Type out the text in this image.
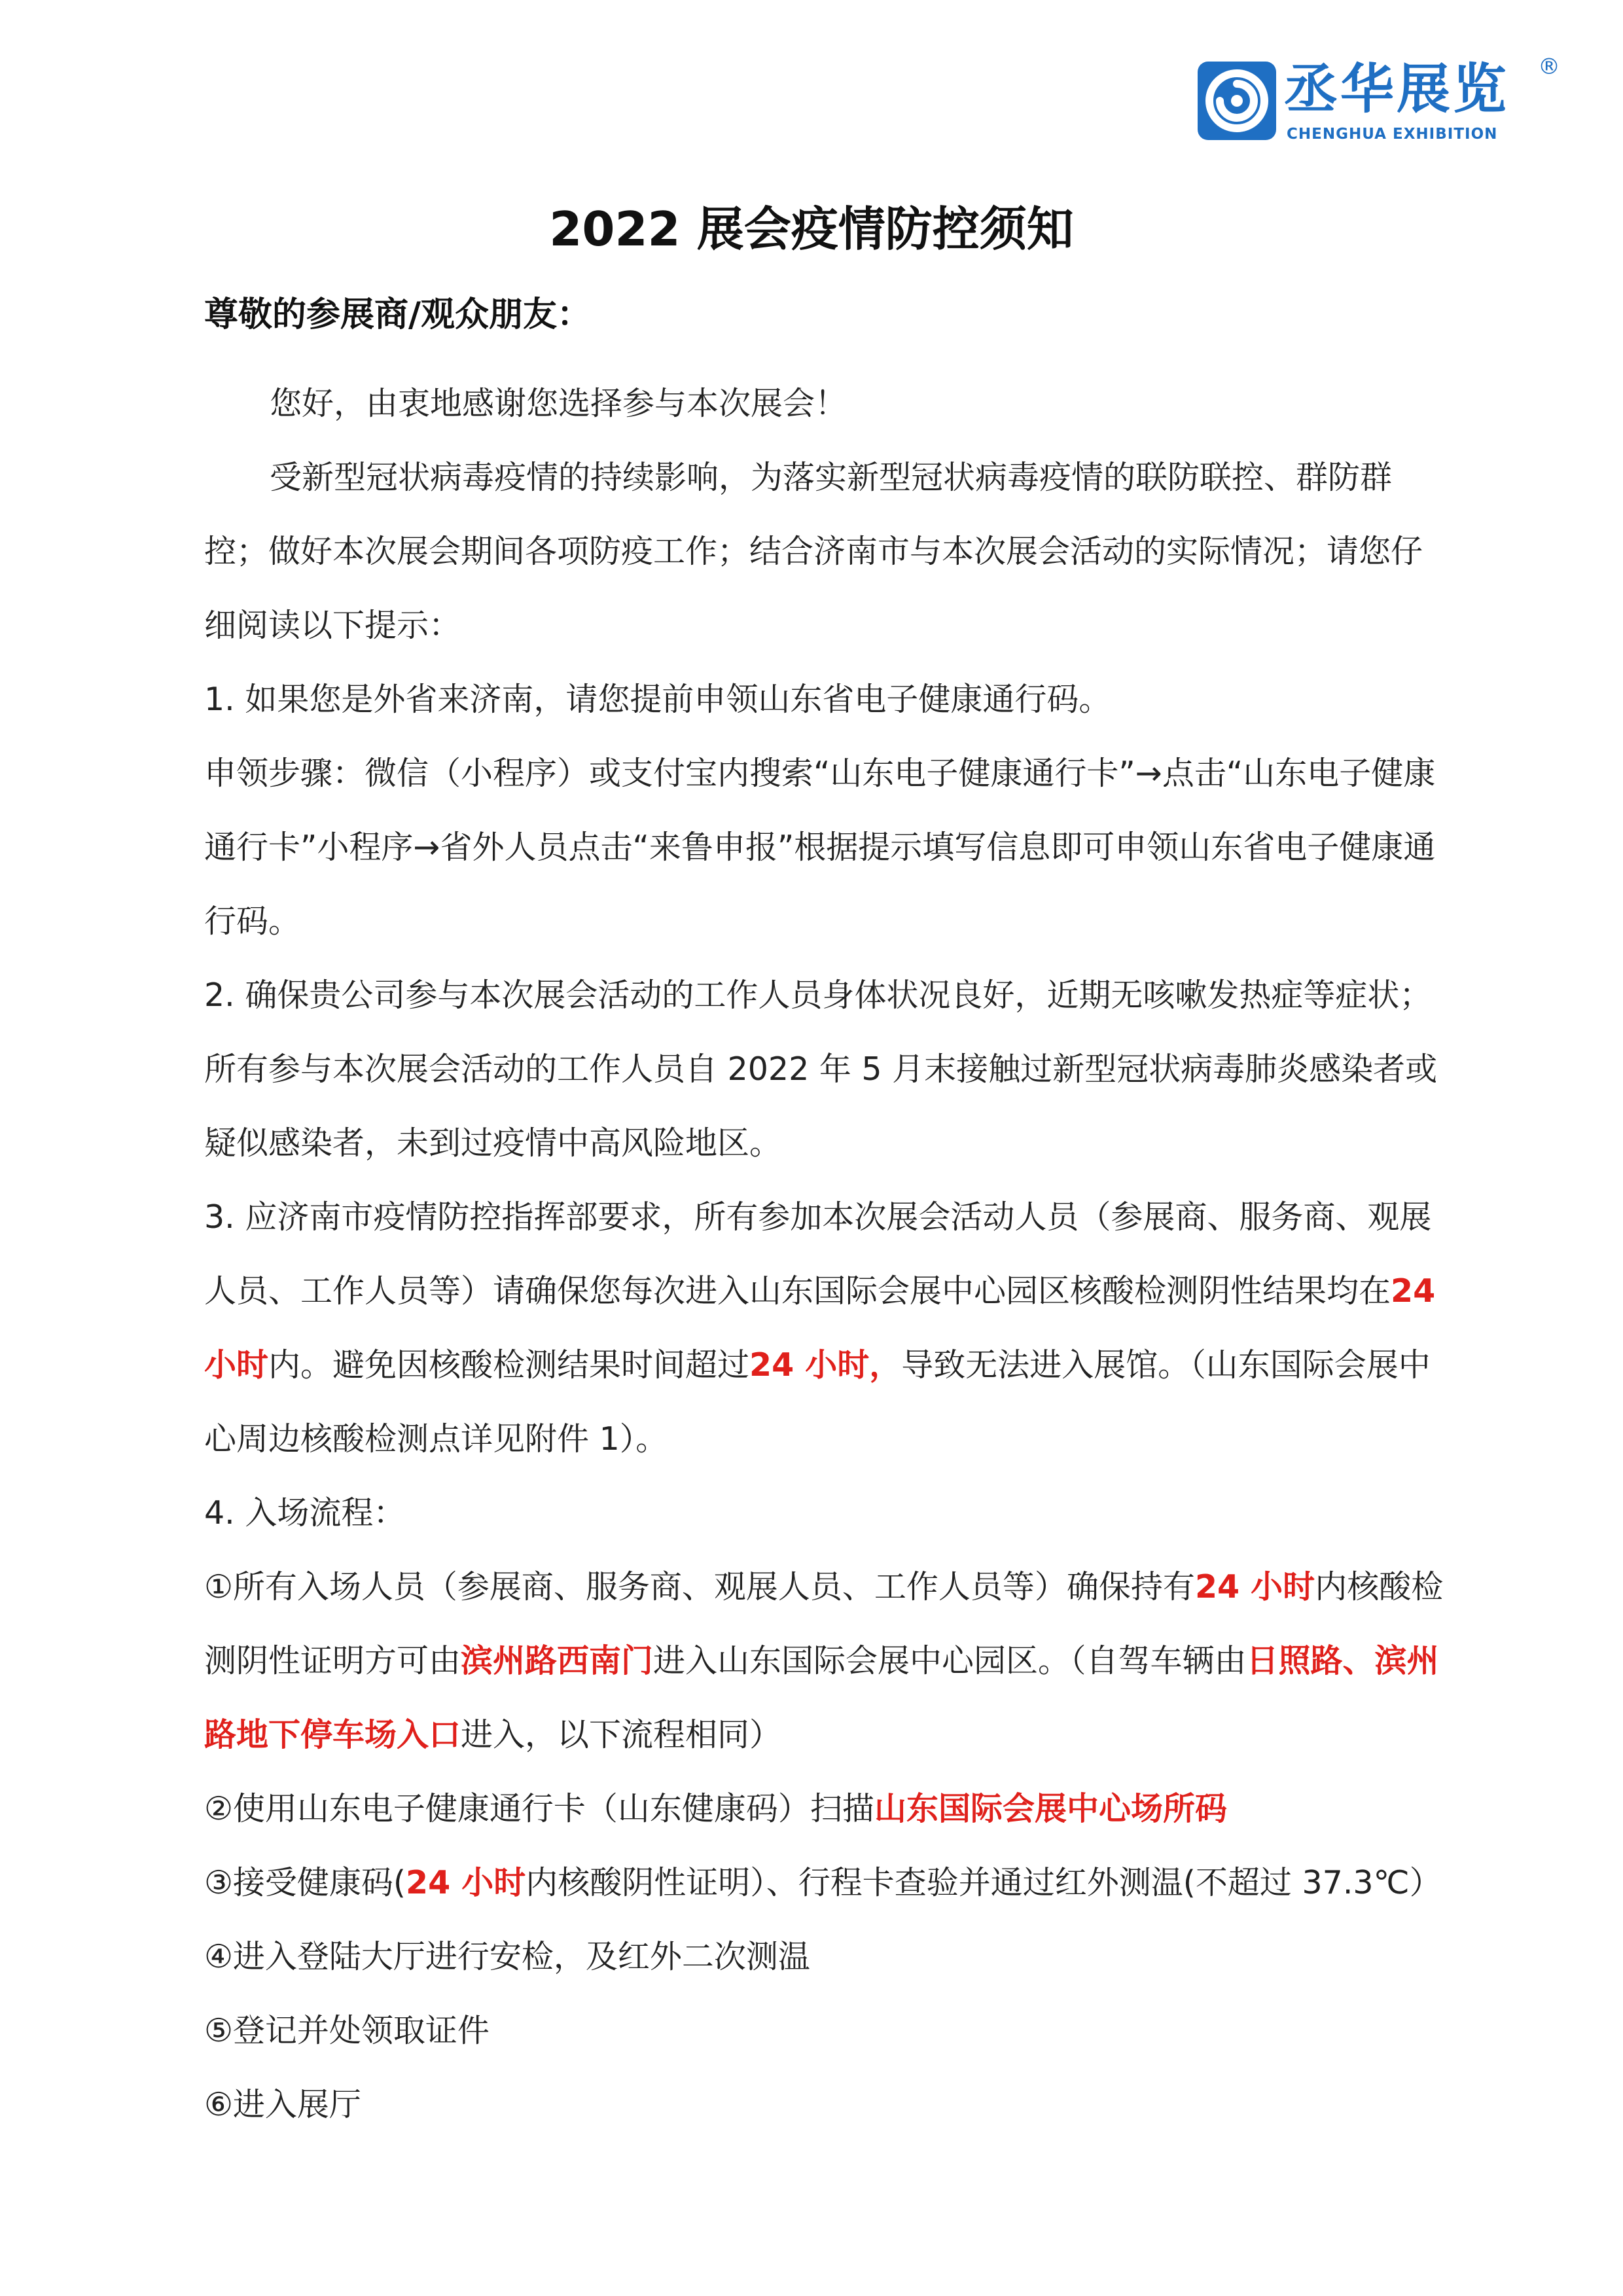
丞华展览 ®
CHENGHUA EXHIBITION
2022 展会疫情防控须知
尊敬的参展商/观众朋友：

您好，由衷地感谢您选择参与本次展会！

受新型冠状病毒疫情的持续影响，为落实新型冠状病毒疫情的联防联控、群防群控；做好本次展会期间各项防疫工作；结合济南市与本次展会活动的实际情况；请您仔细阅读以下提示：

1. 如果您是外省来济南，请您提前申领山东省电子健康通行码。

申领步骤：微信（小程序）或支付宝内搜索“山东电子健康通行卡”→点击“山东电子健康通行卡”小程序→省外人员点击“来鲁申报”根据提示填写信息即可申领山东省电子健康通行码。

2. 确保贵公司参与本次展会活动的工作人员身体状况良好，近期无咳嗽发热症等症状；所有参与本次展会活动的工作人员自 2022 年 5 月末接触过新型冠状病毒肺炎感染者或疑似感染者，未到过疫情中高风险地区。

3. 应济南市疫情防控指挥部要求，所有参加本次展会活动人员（参展商、服务商、观展人员、工作人员等）请确保您每次进入山东国际会展中心园区核酸检测阴性结果均在24 小时内。避免因核酸检测结果时间超过24 小时，导致无法进入展馆。（山东国际会展中心周边核酸检测点详见附件 1）。

4. 入场流程：

①所有入场人员（参展商、服务商、观展人员、工作人员等）确保持有24 小时内核酸检测阴性证明方可由滨州路西南门进入山东国际会展中心园区。（自驾车辆由日照路、滨州路地下停车场入口进入，以下流程相同）

②使用山东电子健康通行卡（山东健康码）扫描山东国际会展中心场所码

③接受健康码(24 小时内核酸阴性证明）、行程卡查验并通过红外测温(不超过 37.3℃）

④进入登陆大厅进行安检，及红外二次测温

⑤登记并处领取证件

⑥进入展厅
